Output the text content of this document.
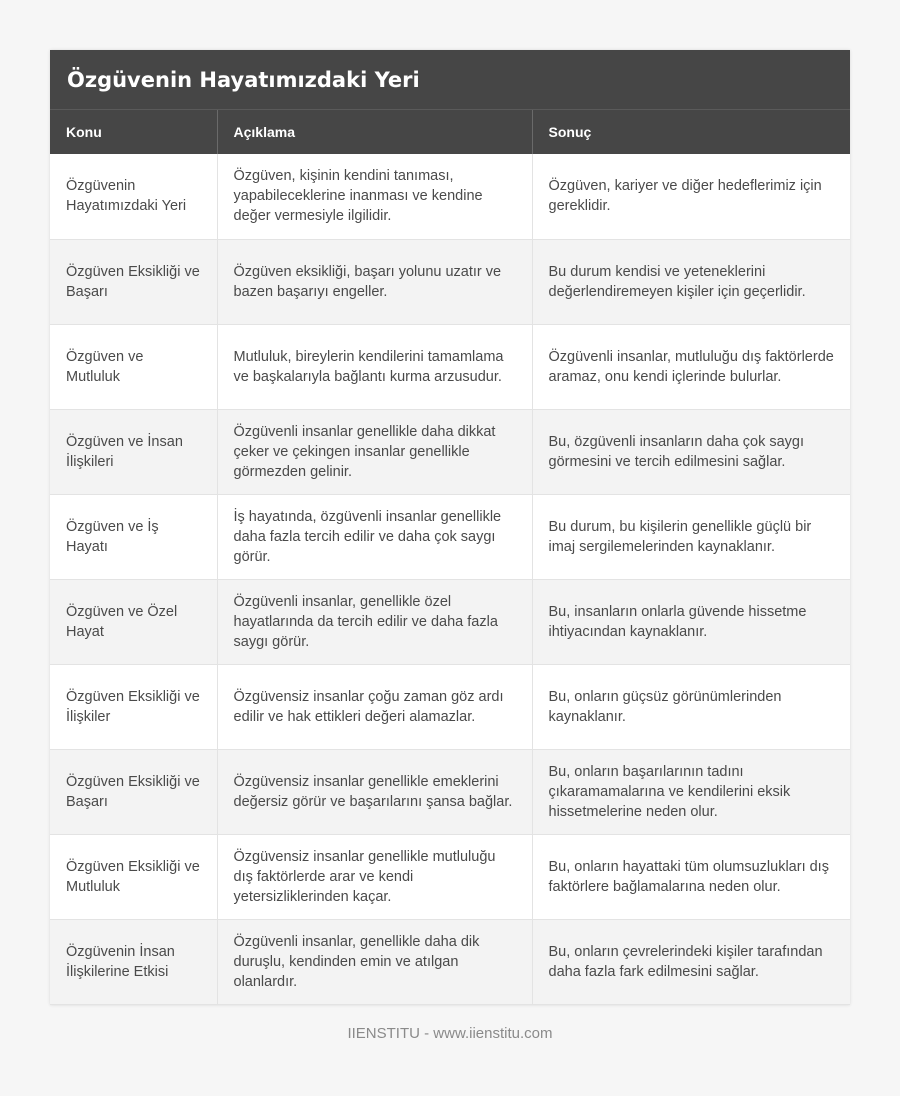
Özgüvenin Hayatımızdaki Yeri
Konu	Açıklama	Sonuç
Özgüvenin Hayatımızdaki Yeri	Özgüven, kişinin kendini tanıması, yapabileceklerine inanması ve kendine değer vermesiyle ilgilidir.	Özgüven, kariyer ve diğer hedeflerimiz için gereklidir.
Özgüven Eksikliği ve Başarı	Özgüven eksikliği, başarı yolunu uzatır ve bazen başarıyı engeller.	Bu durum kendisi ve yeteneklerini değerlendiremeyen kişiler için geçerlidir.
Özgüven ve Mutluluk	Mutluluk, bireylerin kendilerini tamamlama ve başkalarıyla bağlantı kurma arzusudur.	Özgüvenli insanlar, mutluluğu dış faktörlerde aramaz, onu kendi içlerinde bulurlar.
Özgüven ve İnsan İlişkileri	Özgüvenli insanlar genellikle daha dikkat çeker ve çekingen insanlar genellikle görmezden gelinir.	Bu, özgüvenli insanların daha çok saygı görmesini ve tercih edilmesini sağlar.
Özgüven ve İş Hayatı	İş hayatında, özgüvenli insanlar genellikle daha fazla tercih edilir ve daha çok saygı görür.	Bu durum, bu kişilerin genellikle güçlü bir imaj sergilemelerinden kaynaklanır.
Özgüven ve Özel Hayat	Özgüvenli insanlar, genellikle özel hayatlarında da tercih edilir ve daha fazla saygı görür.	Bu, insanların onlarla güvende hissetme ihtiyacından kaynaklanır.
Özgüven Eksikliği ve İlişkiler	Özgüvensiz insanlar çoğu zaman göz ardı edilir ve hak ettikleri değeri alamazlar.	Bu, onların güçsüz görünümlerinden kaynaklanır.
Özgüven Eksikliği ve Başarı	Özgüvensiz insanlar genellikle emeklerini değersiz görür ve başarılarını şansa bağlar.	Bu, onların başarılarının tadını çıkaramamalarına ve kendilerini eksik hissetmelerine neden olur.
Özgüven Eksikliği ve Mutluluk	Özgüvensiz insanlar genellikle mutluluğu dış faktörlerde arar ve kendi yetersizliklerinden kaçar.	Bu, onların hayattaki tüm olumsuzlukları dış faktörlere bağlamalarına neden olur.
Özgüvenin İnsan İlişkilerine Etkisi	Özgüvenli insanlar, genellikle daha dik duruşlu, kendinden emin ve atılgan olanlardır.	Bu, onların çevrelerindeki kişiler tarafından daha fazla fark edilmesini sağlar.
IIENSTITU - www.iienstitu.com
